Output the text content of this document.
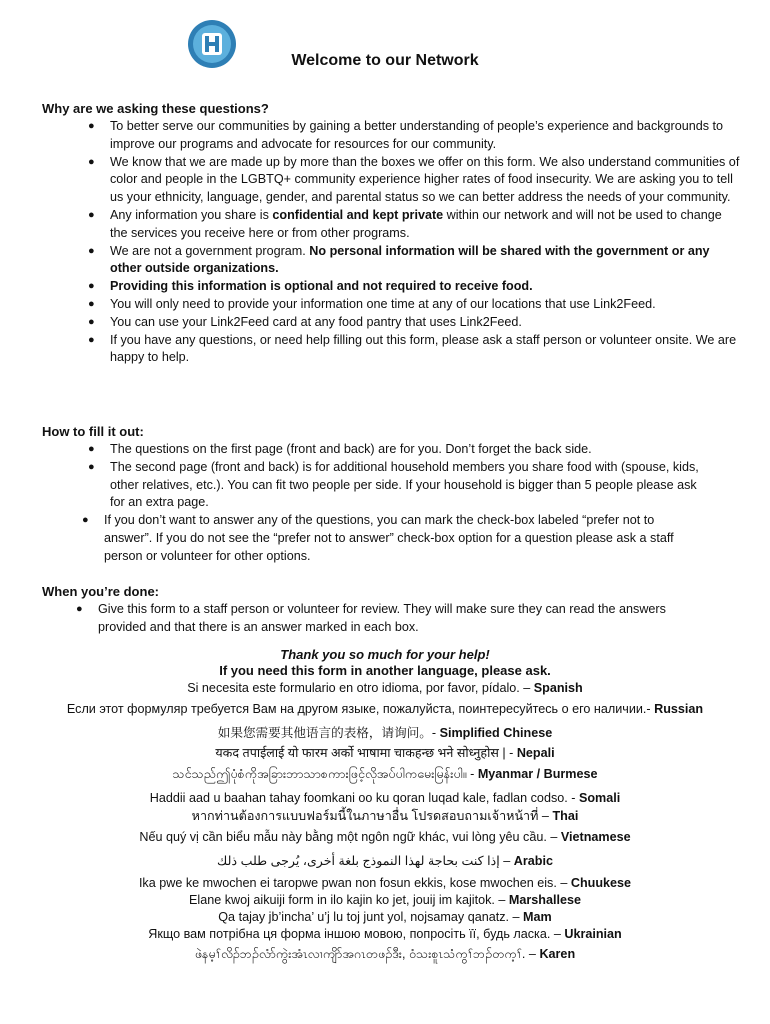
Welcome to our Network
Why are we asking these questions?
● To better serve our communities by gaining a better understanding of people’s experience and backgrounds to improve our programs and advocate for resources for our community.
● We know that we are made up by more than the boxes we offer on this form. We also understand communities of color and people in the LGBTQ+ community experience higher rates of food insecurity. We are asking you to tell us your ethnicity, language, gender, and parental status so we can better address the needs of your community.
● Any information you share is confidential and kept private within our network and will not be used to change the services you receive here or from other programs.
● We are not a government program. No personal information will be shared with the government or any other outside organizations.
● Providing this information is optional and not required to receive food.
● You will only need to provide your information one time at any of our locations that use Link2Feed.
● You can use your Link2Feed card at any food pantry that uses Link2Feed.
● If you have any questions, or need help filling out this form, please ask a staff person or volunteer onsite. We are happy to help.
How to fill it out:
● The questions on the first page (front and back) are for you. Don’t forget the back side.
● The second page (front and back) is for additional household members you share food with (spouse, kids, other relatives, etc.). You can fit two people per side. If your household is bigger than 5 people please ask for an extra page.
● If you don’t want to answer any of the questions, you can mark the check-box labeled “prefer not to answer”. If you do not see the “prefer not to answer” check-box option for a question please ask a staff person or volunteer for other options.
When you’re done:
● Give this form to a staff person or volunteer for review. They will make sure they can read the answers provided and that there is an answer marked in each box.
Thank you so much for your help!
If you need this form in another language, please ask.
Si necesita este formulario en otro idioma, por favor, pídalo. – Spanish
Если этот формуляр требуется Вам на другом языке, пожалуйста, поинтересуйтесь о его наличии.- Russian
如果您需要其他语言的表格，请询问。- Simplified Chinese
यकद तपाईलाई यो फारम अर्को भाषामा चाकहन्छ भने सोध्नुहोस | - Nepali
သင်သည်ဤပုံစံကိုအခြားဘာသာစကားဖြင့်လိုအပ်ပါကမေးမြန်းပါ။ - Myanmar / Burmese
Haddii aad u baahan tahay foomkani oo ku qoran luqad kale, fadlan codso. - Somali
หากท่านต้องการแบบฟอร์มนี้ในภาษาอื่น โปรดสอบถามเจ้าหน้าที่ – Thai
Nếu quý vị cần biểu mẫu này bằng một ngôn ngữ khác, vui lòng yêu cầu. – Vietnamese
إذا كنت بحاجة لهذا النموذج بلغة أخرى، يُرجى طلب ذلك – Arabic
Ika pwe ke mwochen ei taropwe pwan non fosun ekkis, kose mwochen eis. – Chuukese
Elane kwoj aikuiji form in ilo kajin ko jet, jouij im kajitok. – Marshallese
Qa tajay jb’incha’ u’j lu toj junt yol, nojsamay qanatz. – Mam
Якщо вам потрібна ця форма іншою мовою, попросіть її, будь ласка. – Ukrainian
ဖဲနမ့ၢ်လိၣ်ဘၣ်လံာ်ကွဲးအံၤလၢကျိာ်အဂၤတဖၣ်ဒီး, ဝံသးစူၤသံကွၢ်ဘၣ်တက့ၢ်. – Karen
